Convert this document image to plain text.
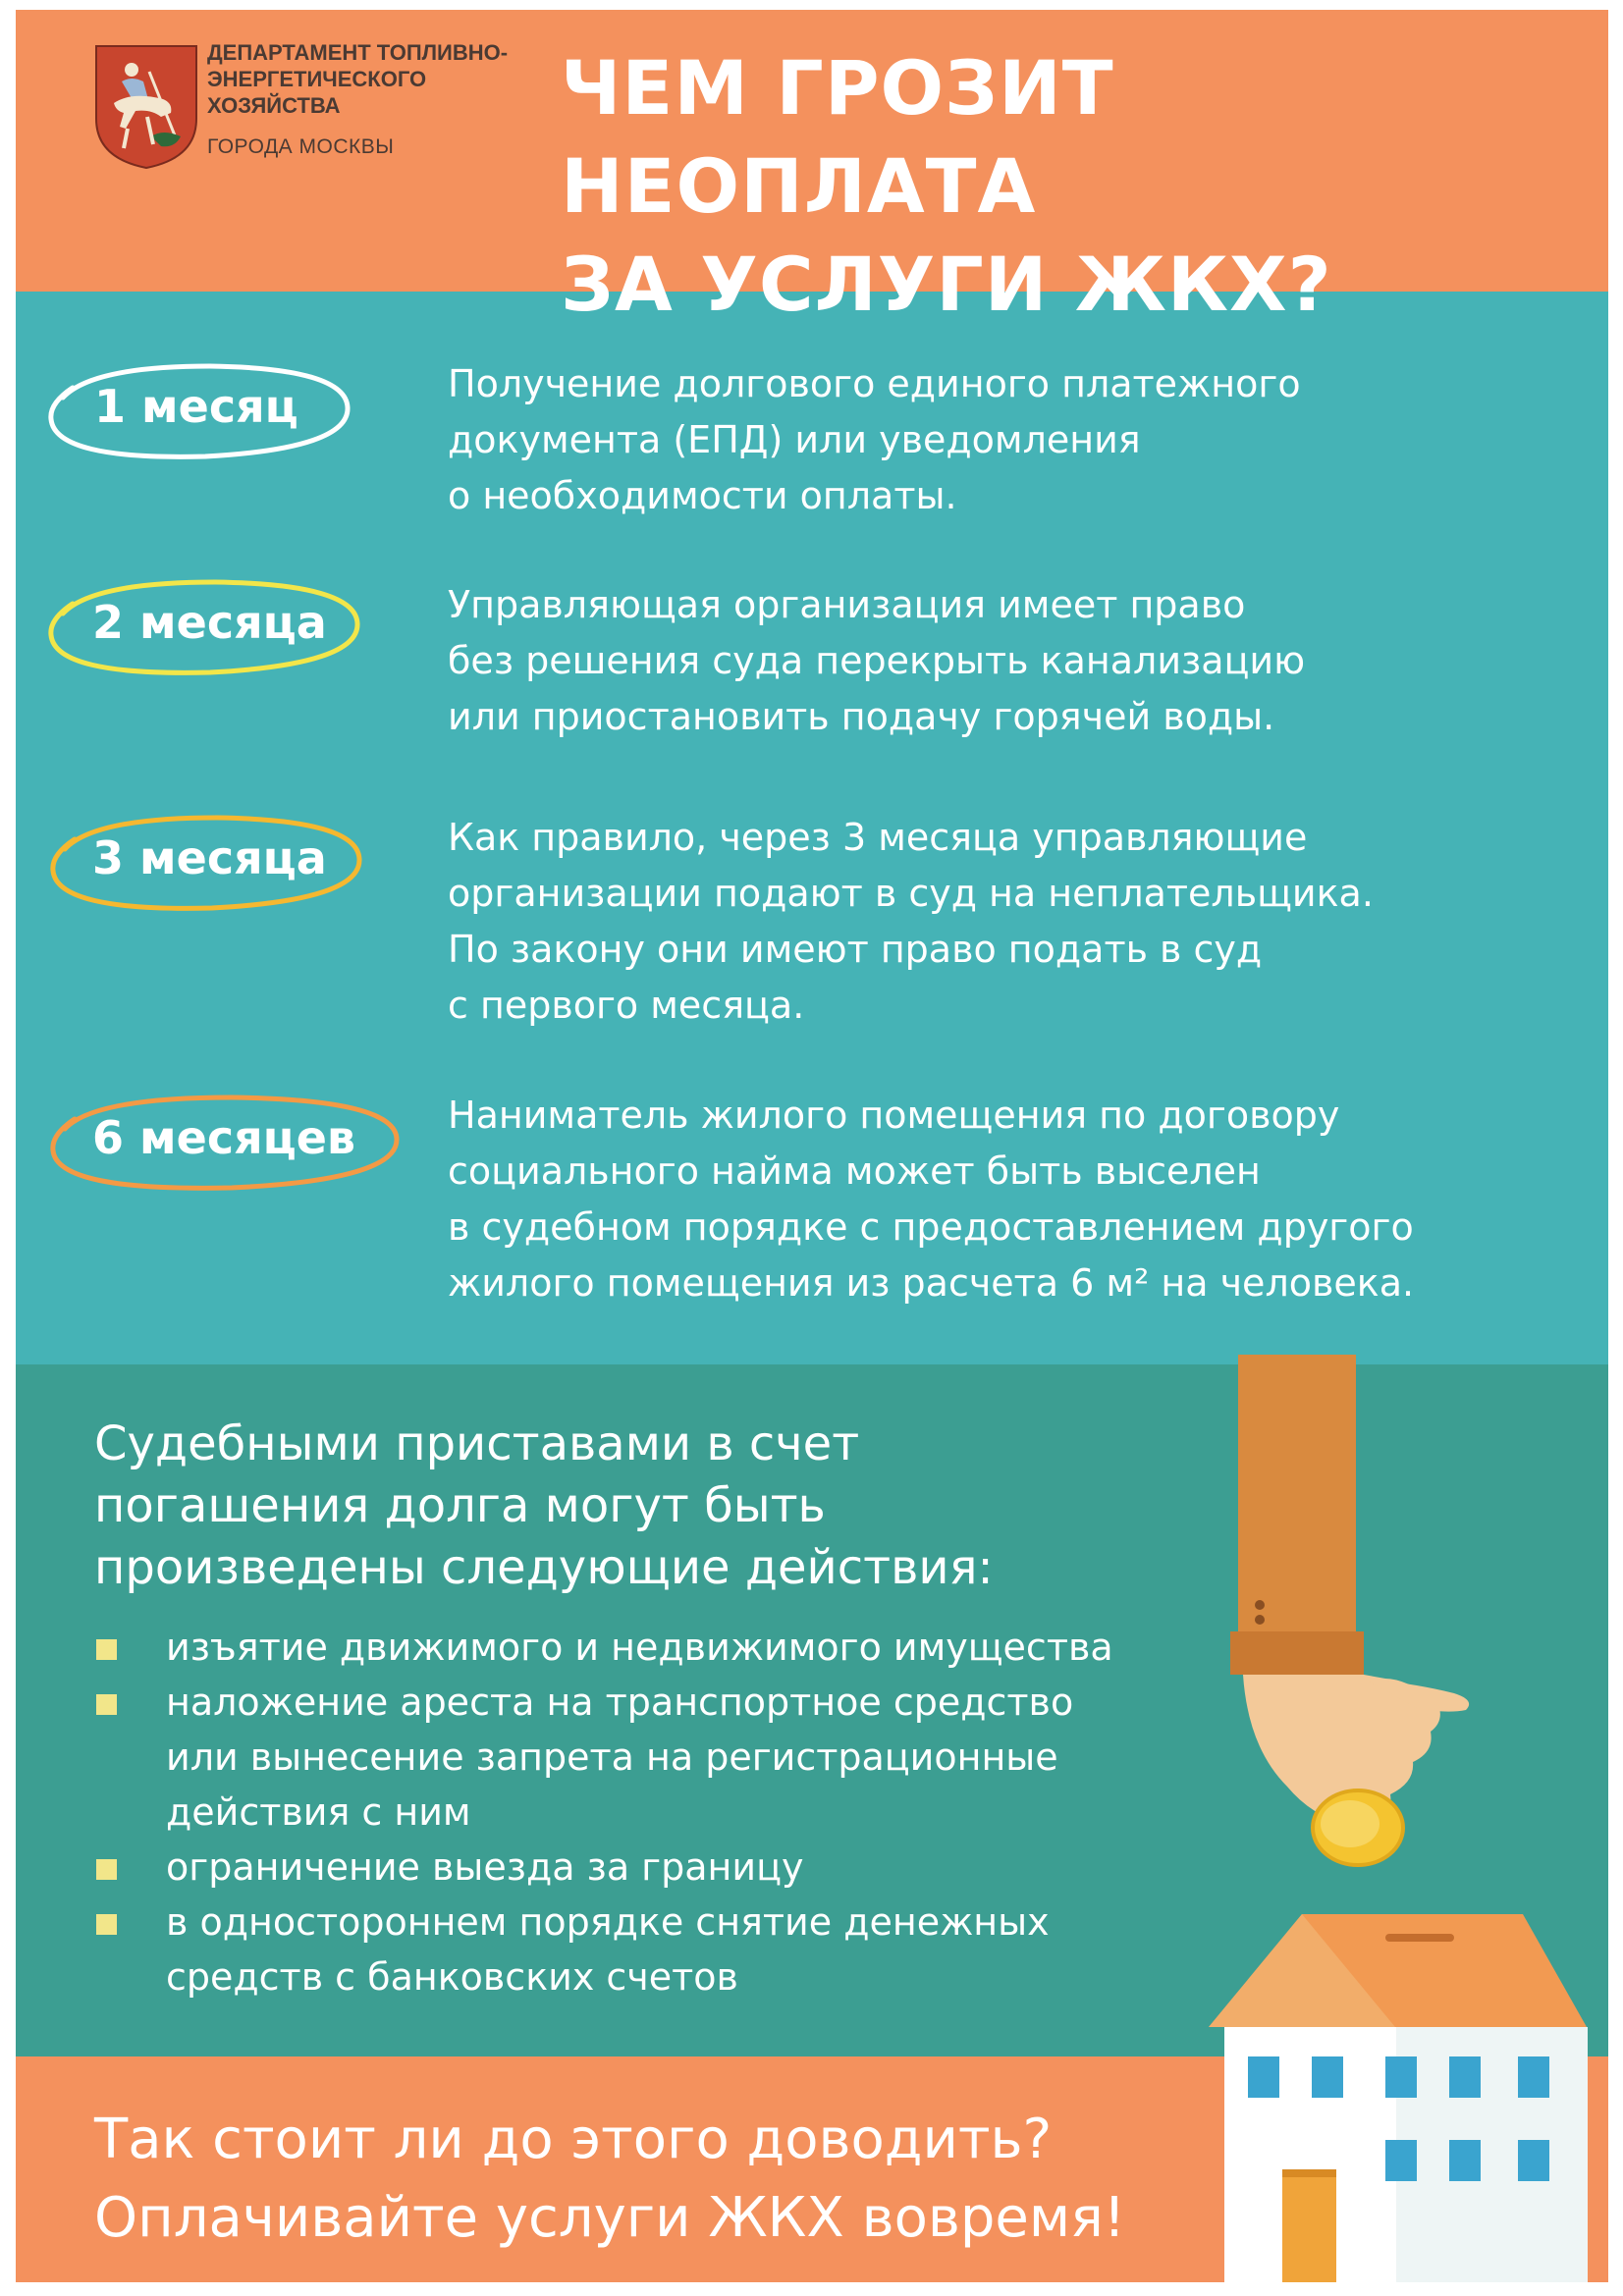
ДЕПАРТАМЕНТ ТОПЛИВНО-
ЭНЕРГЕТИЧЕСКОГО
ХОЗЯЙСТВА
ГОРОДА МОСКВЫ
ЧЕМ ГРОЗИТ НЕОПЛАТА
ЗА УСЛУГИ ЖКХ?
1 месяц	Получение долгового единого платежного
документа (ЕПД) или уведомления
о необходимости оплаты.
2 месяца	Управляющая организация имеет право
без решения суда перекрыть канализацию
или приостановить подачу горячей воды.
3 месяца	Как правило, через 3 месяца управляющие
организации подают в суд на неплательщика.
По закону они имеют право подать в суд
с первого месяца.
6 месяцев Наниматель жилого помещения по договору
социального найма может быть выселен
в судебном порядке с предоставлением другого
жилого помещения из расчета 6 м² на человека.
Судебными приставами в счет
погашения долга могут быть
произведены следующие действия:
изъятие движимого и недвижимого имущества
наложение ареста на транспортное средство
или вынесение запрета на регистрационные
действия с ним
ограничение выезда за границу
в одностороннем порядке снятие денежных
средств с банковских счетов
Так стоит ли до этого доводить?
Оплачивайте услуги ЖКХ вовремя!
